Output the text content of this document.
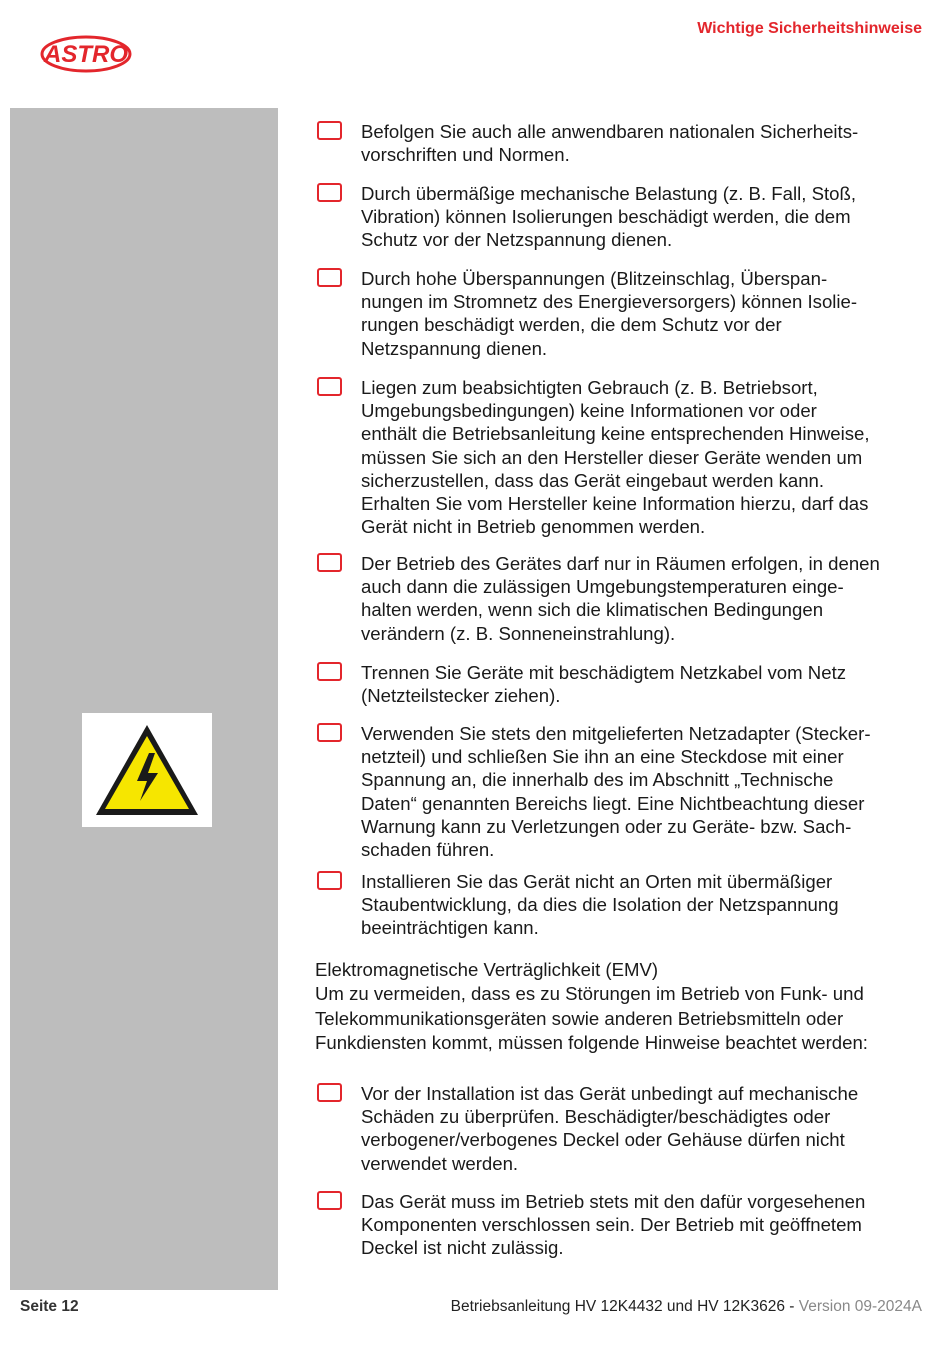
ASTRO
Wichtige Sicherheitshinweise
Befolgen Sie auch alle anwendbaren nationalen Sicherheits-
vorschriften und Normen.
Durch übermäßige mechanische Belastung (z. B. Fall, Stoß,
Vibration) können Isolierungen beschädigt werden, die dem
Schutz vor der Netzspannung dienen.
Durch hohe Überspannungen (Blitzeinschlag, Überspan-
nungen im Stromnetz des Energieversorgers) können Isolie-
rungen beschädigt werden, die dem Schutz vor der
Netzspannung dienen.
Liegen zum beabsichtigten Gebrauch (z. B. Betriebsort,
Umgebungsbedingungen) keine Informationen vor oder
enthält die Betriebsanleitung keine entsprechenden Hinweise,
müssen Sie sich an den Hersteller dieser Geräte wenden um
sicherzustellen, dass das Gerät eingebaut werden kann.
Erhalten Sie vom Hersteller keine Information hierzu, darf das
Gerät nicht in Betrieb genommen werden.
Der Betrieb des Gerätes darf nur in Räumen erfolgen, in denen
auch dann die zulässigen Umgebungstemperaturen einge-
halten werden, wenn sich die klimatischen Bedingungen
verändern (z. B. Sonneneinstrahlung).
Trennen Sie Geräte mit beschädigtem Netzkabel vom Netz
(Netzteilstecker ziehen).
Verwenden Sie stets den mitgelieferten Netzadapter (Stecker-
netzteil) und schließen Sie ihn an eine Steckdose mit einer
Spannung an, die innerhalb des im Abschnitt „Technische
Daten“ genannten Bereichs liegt. Eine Nichtbeachtung dieser
Warnung kann zu Verletzungen oder zu Geräte- bzw. Sach-
schaden führen.
Installieren Sie das Gerät nicht an Orten mit übermäßiger
Staubentwicklung, da dies die Isolation der Netzspannung
beeinträchtigen kann.
Elektromagnetische Verträglichkeit (EMV)
Um zu vermeiden, dass es zu Störungen im Betrieb von Funk- und
Telekommunikationsgeräten sowie anderen Betriebsmitteln oder
Funkdiensten kommt, müssen folgende Hinweise beachtet werden:
Vor der Installation ist das Gerät unbedingt auf mechanische
Schäden zu überprüfen. Beschädigter/beschädigtes oder
verbogener/verbogenes Deckel oder Gehäuse dürfen nicht
verwendet werden.
Das Gerät muss im Betrieb stets mit den dafür vorgesehenen
Komponenten verschlossen sein. Der Betrieb mit geöffnetem
Deckel ist nicht zulässig.
Seite 12	Betriebsanleitung HV 12K4432 und HV 12K3626 - Version 09-2024A
